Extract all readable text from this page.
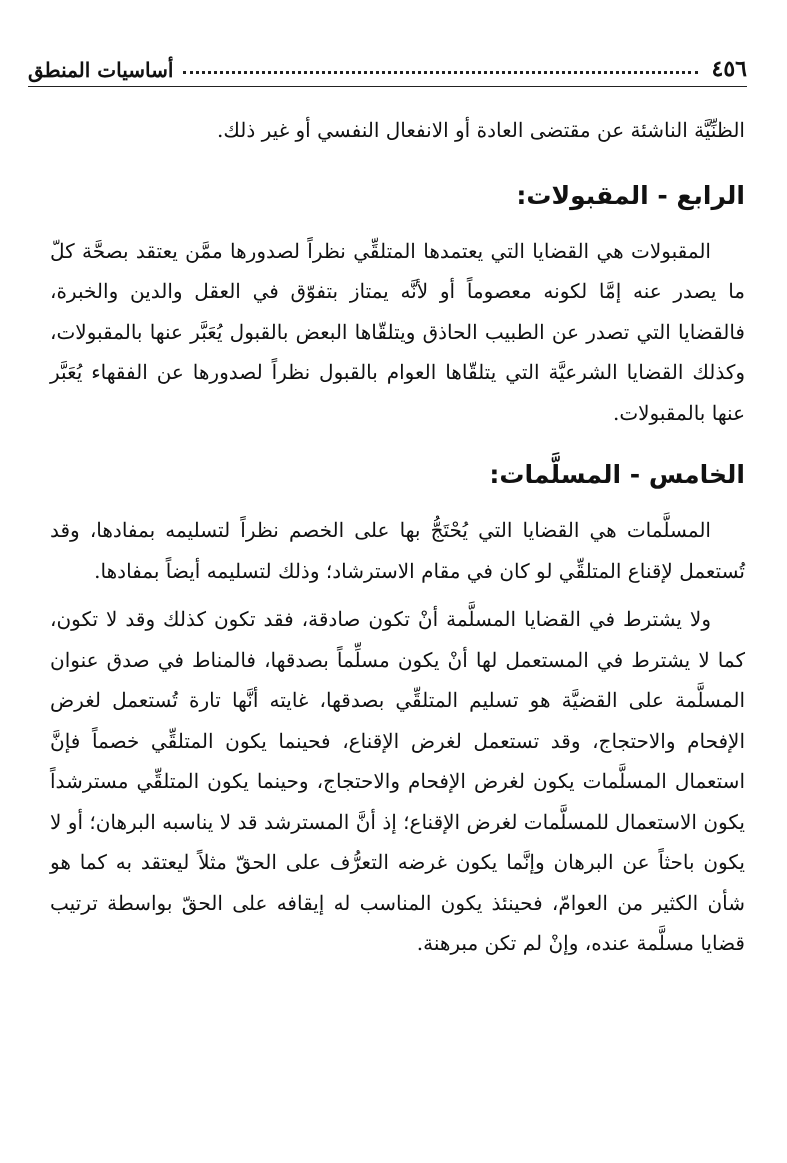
٤٥٦
أساسيات المنطق

الظنِّيَّة الناشئة عن مقتضى العادة أو الانفعال النفسي أو غير ذلك.

الرابع - المقبولات:

المقبولات هي القضايا التي يعتمدها المتلقِّي نظراً لصدورها ممَّن يعتقد بصحَّة كلّ ما يصدر عنه إمَّا لكونه معصوماً أو لأنَّه يمتاز بتفوّق في العقل والدين والخبرة، فالقضايا التي تصدر عن الطبيب الحاذق ويتلقّاها البعض بالقبول يُعَبَّر عنها بالمقبولات، وكذلك القضايا الشرعيَّة التي يتلقّاها العوام بالقبول نظراً لصدورها عن الفقهاء يُعَبَّر عنها بالمقبولات.

الخامس - المسلَّمات:

المسلَّمات هي القضايا التي يُحْتَجُّ بها على الخصم نظراً لتسليمه بمفادها، وقد تُستعمل لإقناع المتلقِّي لو كان في مقام الاسترشاد؛ وذلك لتسليمه أيضاً بمفادها.

ولا يشترط في القضايا المسلَّمة أنْ تكون صادقة، فقد تكون كذلك وقد لا تكون، كما لا يشترط في المستعمل لها أنْ يكون مسلِّماً بصدقها، فالمناط في صدق عنوان المسلَّمة على القضيَّة هو تسليم المتلقِّي بصدقها، غايته أنَّها تارة تُستعمل لغرض الإفحام والاحتجاج، وقد تستعمل لغرض الإقناع، فحينما يكون المتلقِّي خصماً فإنَّ استعمال المسلَّمات يكون لغرض الإفحام والاحتجاج، وحينما يكون المتلقِّي مسترشداً يكون الاستعمال للمسلَّمات لغرض الإقناع؛ إذ أنَّ المسترشد قد لا يناسبه البرهان؛ أو لا يكون باحثاً عن البرهان وإنَّما يكون غرضه التعرُّف على الحقّ مثلاً ليعتقد به كما هو شأن الكثير من العوامّ، فحينئذ يكون المناسب له إيقافه على الحقّ بواسطة ترتيب قضايا مسلَّمة عنده، وإنْ لم تكن مبرهنة.
